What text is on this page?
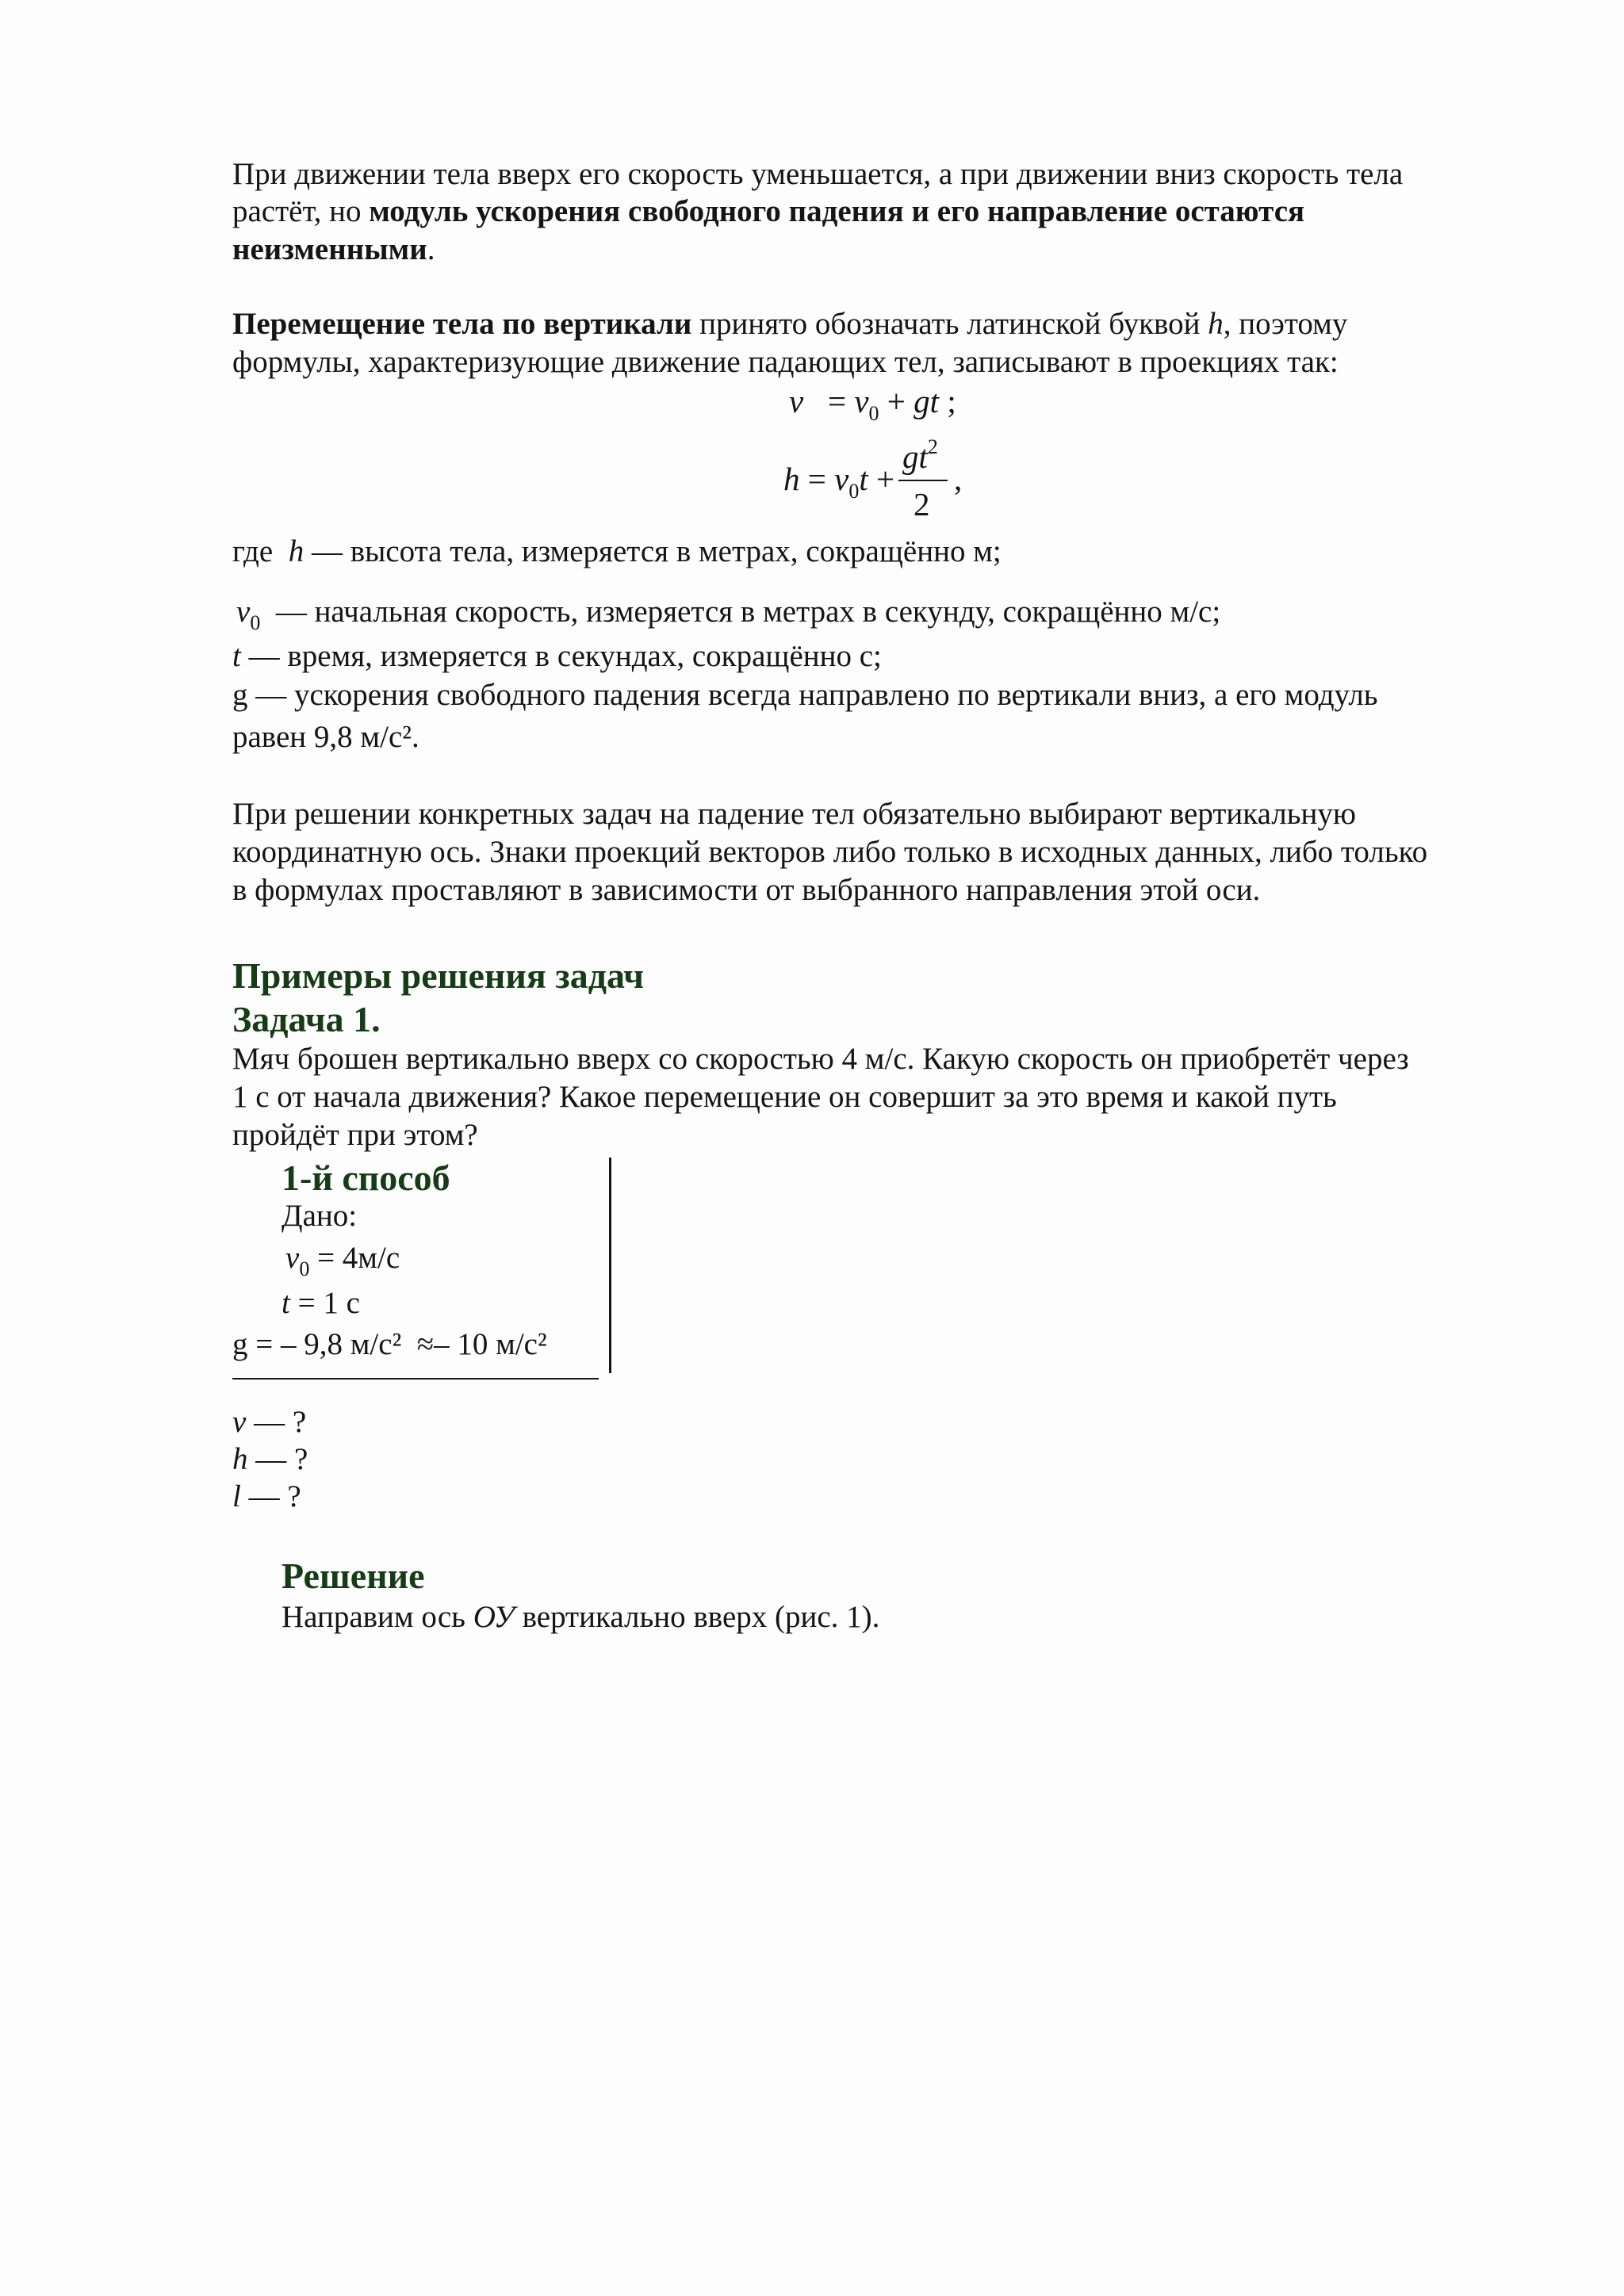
При движении тела вверх его скорость уменьшается, а при движении вниз скорость тела

растёт, но модуль ускорения свободного падения и его направление остаются

неизменными.

Перемещение тела по вертикали принято обозначать латинской буквой h, поэтому

формулы, характеризующие движение падающих тел, записывают в проекциях так:

$v = v_0$ + gt ;
$h = v_0t$ +
$gt^2$
2
,

где h — высота тела, измеряется в метрах, сокращённо м;

$v_0$ — начальная скорость, измеряется в метрах в секунду, сокращённо м/с;

t — время, измеряется в секундах, сокращённо с;

g — ускорения свободного падения всегда направлено по вертикали вниз, а его модуль

равен 9,8 м/с².

При решении конкретных задач на падение тел обязательно выбирают вертикальную

координатную ось. Знаки проекций векторов либо только в исходных данных, либо только

в формулах проставляют в зависимости от выбранного направления этой оси.

Примеры решения задач
Задача 1.

Мяч брошен вертикально вверх со скоростью 4 м/с. Какую скорость он приобретёт через

1 с от начала движения? Какое перемещение он совершит за это время и какой путь

пройдёт при этом?

1-й способ

Дано:

$v_0 = 4м/с$

t = 1 с

g = – 9,8 м/с² ≈– 10 м/с²

v — ?

h — ?

l — ?

Решение

Направим ось ОУ вертикально вверх (рис. 1).
